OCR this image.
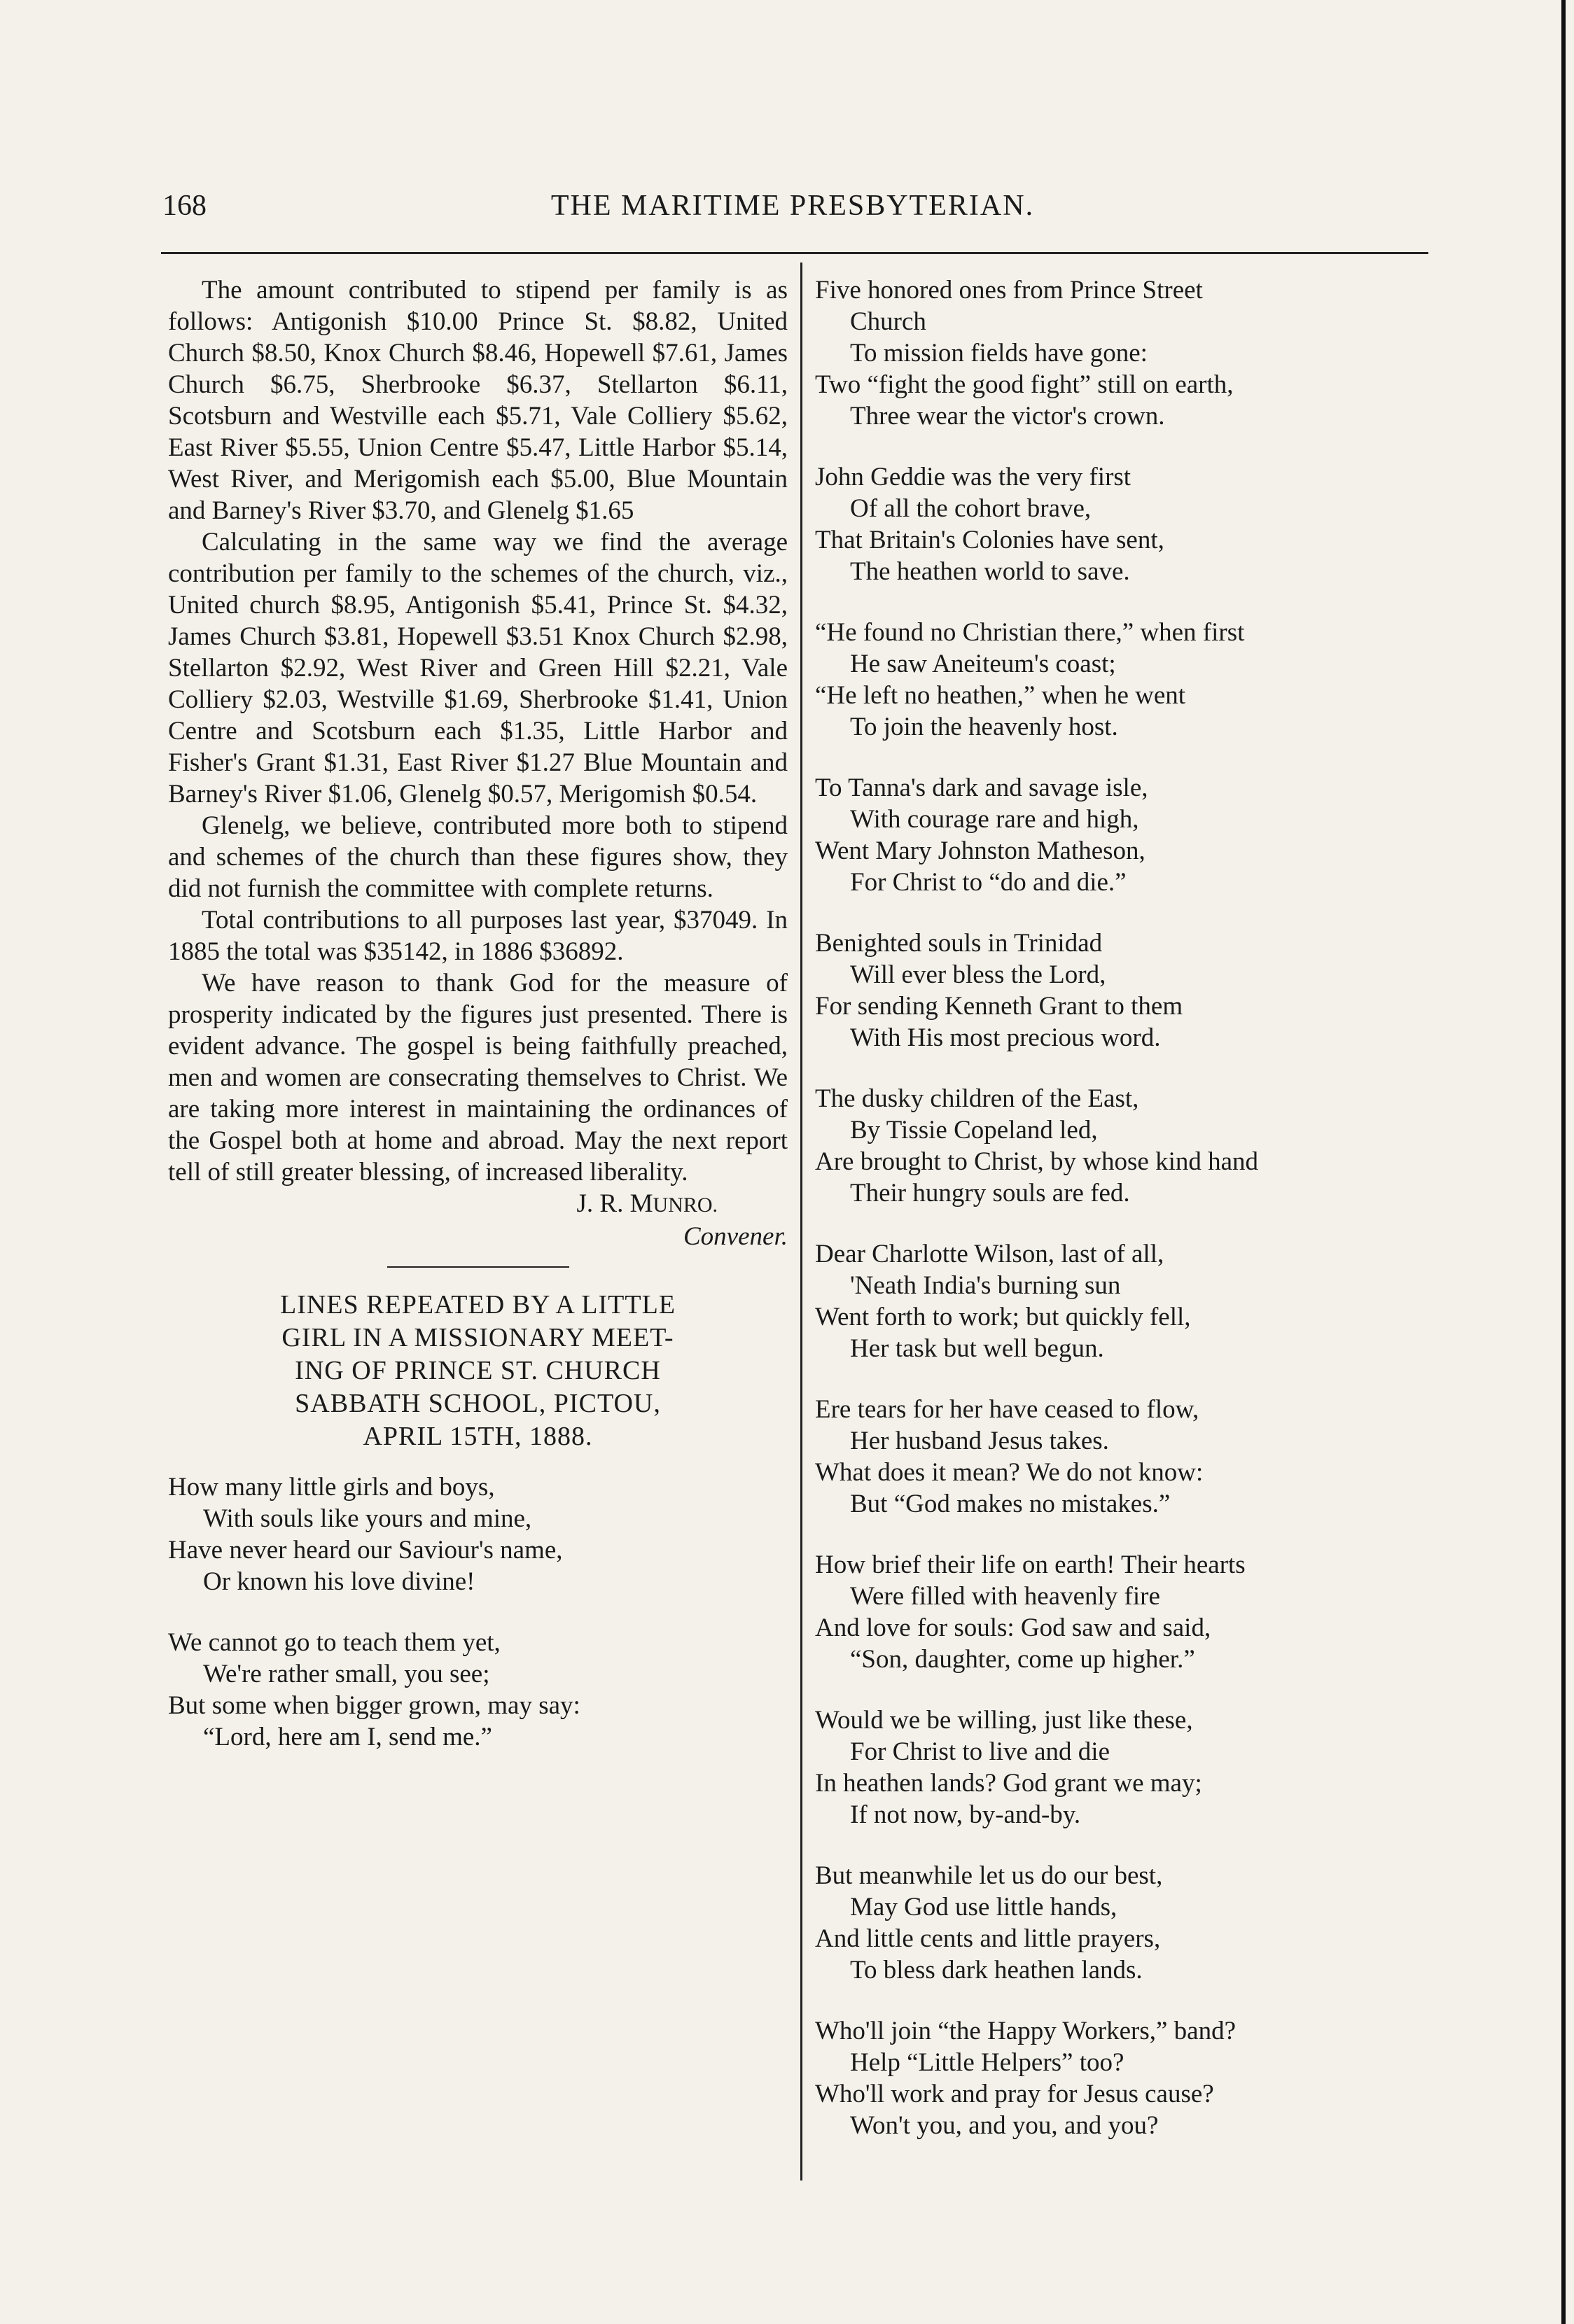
168	THE MARITIME PRESBYTERIAN.

The amount contributed to stipend per family is as follows: Antigonish $10.00 Prince St. $8.82, United Church $8.50, Knox Church $8.46, Hopewell $7.61, James Church $6.75, Sherbrooke $6.37, Stellarton $6.11, Scotsburn and Westville each $5.71, Vale Colliery $5.62, East River $5.55, Union Centre $5.47, Little Harbor $5.14, West River, and Merigomish each $5.00, Blue Mountain and Barney's River $3.70, and Glenelg $1.65

Calculating in the same way we find the average contribution per family to the schemes of the church, viz., United church $8.95, Antigonish $5.41, Prince St. $4.32, James Church $3.81, Hopewell $3.51 Knox Church $2.98, Stellarton $2.92, West River and Green Hill $2.21, Vale Colliery $2.03, Westville $1.69, Sherbrooke $1.41, Union Centre and Scotsburn each $1.35, Little Harbor and Fisher's Grant $1.31, East River $1.27 Blue Mountain and Barney's River $1.06, Glenelg $0.57, Merigomish $0.54.

Glenelg, we believe, contributed more both to stipend and schemes of the church than these figures show, they did not furnish the committee with complete returns.

Total contributions to all purposes last year, $37049. In 1885 the total was $35142, in 1886 $36892.

We have reason to thank God for the measure of prosperity indicated by the figures just presented. There is evident advance. The gospel is being faithfully preached, men and women are consecrating themselves to Christ. We are taking more interest in maintaining the ordinances of the Gospel both at home and abroad. May the next report tell of still greater blessing, of increased liberality.

J. R. MUNRO.

Convener.

LINES REPEATED BY A LITTLE
GIRL IN A MISSIONARY MEET-
ING OF PRINCE ST. CHURCH
SABBATH SCHOOL, PICTOU,
APRIL 15TH, 1888.

How many little girls and boys,

With souls like yours and mine,

Have never heard our Saviour's name,

Or known his love divine!

We cannot go to teach them yet,

We're rather small, you see;

But some when bigger grown, may say:

“Lord, here am I, send me.”

Five honored ones from Prince Street

Church

To mission fields have gone:

Two “fight the good fight” still on earth,

Three wear the victor's crown.

John Geddie was the very first

Of all the cohort brave,

That Britain's Colonies have sent,

The heathen world to save.

“He found no Christian there,” when first

He saw Aneiteum's coast;

“He left no heathen,” when he went

To join the heavenly host.

To Tanna's dark and savage isle,

With courage rare and high,

Went Mary Johnston Matheson,

For Christ to “do and die.”

Benighted souls in Trinidad

Will ever bless the Lord,

For sending Kenneth Grant to them

With His most precious word.

The dusky children of the East,

By Tissie Copeland led,

Are brought to Christ, by whose kind hand

Their hungry souls are fed.

Dear Charlotte Wilson, last of all,

'Neath India's burning sun

Went forth to work; but quickly fell,

Her task but well begun.

Ere tears for her have ceased to flow,

Her husband Jesus takes.

What does it mean? We do not know:

But “God makes no mistakes.”

How brief their life on earth! Their hearts

Were filled with heavenly fire

And love for souls: God saw and said,

“Son, daughter, come up higher.”

Would we be willing, just like these,

For Christ to live and die

In heathen lands? God grant we may;

If not now, by-and-by.

But meanwhile let us do our best,

May God use little hands,

And little cents and little prayers,

To bless dark heathen lands.

Who'll join “the Happy Workers,” band?

Help “Little Helpers” too?

Who'll work and pray for Jesus cause?

Won't you, and you, and you?
